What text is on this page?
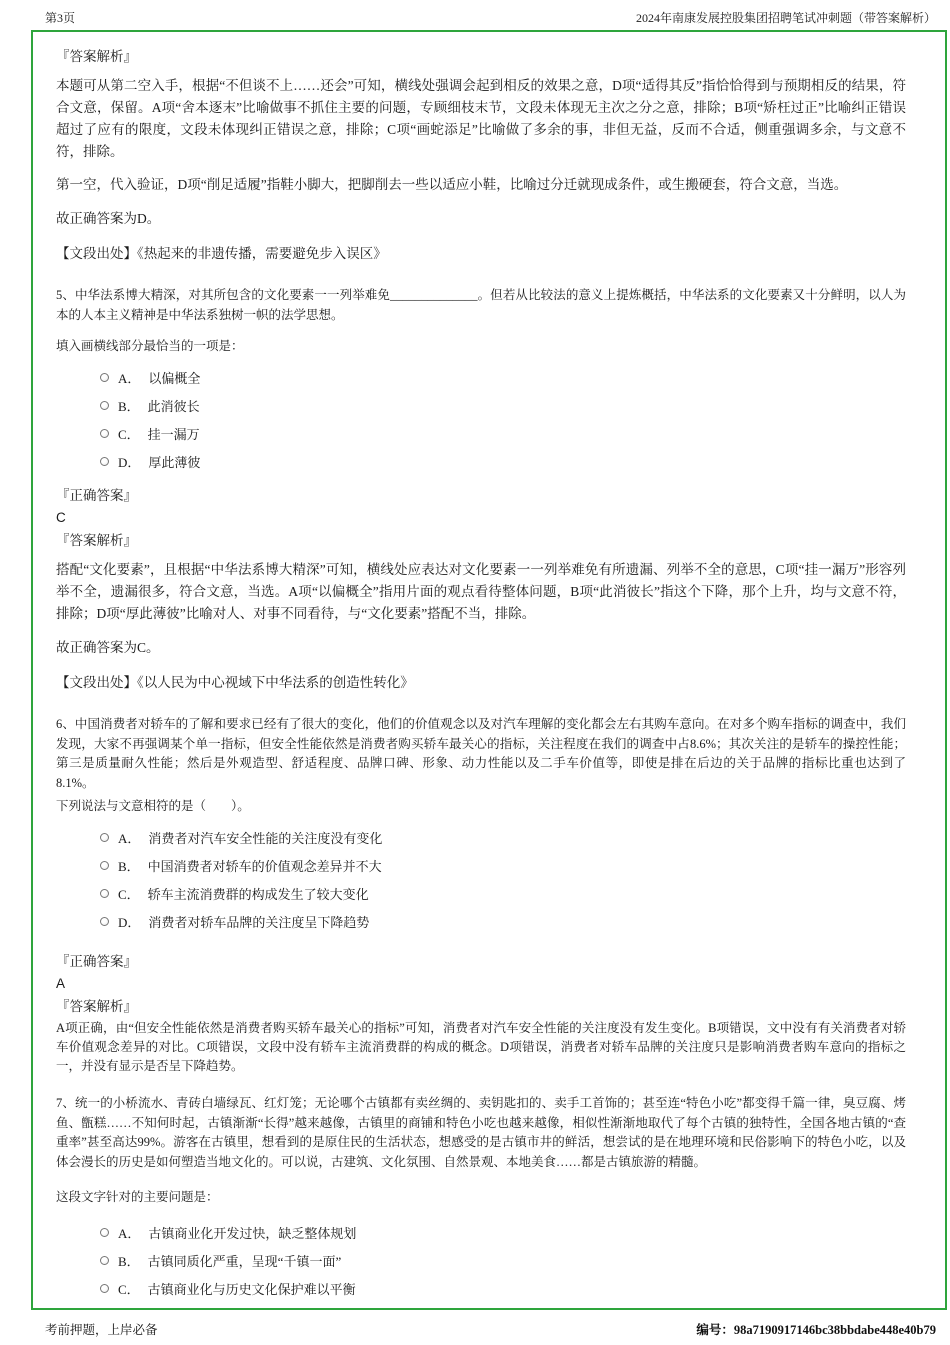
第3页	2024年南康发展控股集团招聘笔试冲刺题（带答案解析）
『答案解析』

本题可从第二空入手，根据“不但谈不上……还会”可知，横线处强调会起到相反的效果之意，D项“适得其反”指恰恰得到与预期相反的结果，符合文意，保留。A项“舍本逐末”比喻做事不抓住主要的问题，专顾细枝末节，文段未体现无主次之分之意，排除；B项“矫枉过正”比喻纠正错误超过了应有的限度，文段未体现纠正错误之意，排除；C项“画蛇添足”比喻做了多余的事，非但无益，反而不合适，侧重强调多余，与文意不符，排除。

第一空，代入验证，D项“削足适履”指鞋小脚大，把脚削去一些以适应小鞋，比喻过分迁就现成条件，或生搬硬套，符合文意，当选。

故正确答案为D。
【文段出处】《热起来的非遗传播，需要避免步入误区》

5、中华法系博大精深，对其所包含的文化要素一一列举难免______________。但若从比较法的意义上提炼概括，中华法系的文化要素又十分鲜明，以人为本的人本主义精神是中华法系独树一帜的法学思想。

填入画横线部分最恰当的一项是：
A． 以偏概全
B． 此消彼长
C． 挂一漏万
D． 厚此薄彼
『正确答案』
C
『答案解析』

搭配“文化要素”，且根据“中华法系博大精深”可知，横线处应表达对文化要素一一列举难免有所遗漏、列举不全的意思，C项“挂一漏万”形容列举不全，遗漏很多，符合文意，当选。A项“以偏概全”指用片面的观点看待整体问题，B项“此消彼长”指这个下降，那个上升，均与文意不符，排除；D项“厚此薄彼”比喻对人、对事不同看待，与“文化要素”搭配不当，排除。

故正确答案为C。
【文段出处】《以人民为中心视域下中华法系的创造性转化》

6、中国消费者对轿车的了解和要求已经有了很大的变化，他们的价值观念以及对汽车理解的变化都会左右其购车意向。在对多个购车指标的调查中，我们发现，大家不再强调某个单一指标，但安全性能依然是消费者购买轿车最关心的指标，关注程度在我们的调查中占8.6%；其次关注的是轿车的操控性能；第三是质量耐久性能；然后是外观造型、舒适程度、品牌口碑、形象、动力性能以及二手车价值等，即使是排在后边的关于品牌的指标比重也达到了8.1%。

下列说法与文意相符的是（　　）。
A． 消费者对汽车安全性能的关注度没有变化
B． 中国消费者对轿车的价值观念差异并不大
C． 轿车主流消费群的构成发生了较大变化
D． 消费者对轿车品牌的关注度呈下降趋势
『正确答案』
A
『答案解析』

A项正确，由“但安全性能依然是消费者购买轿车最关心的指标”可知，消费者对汽车安全性能的关注度没有发生变化。B项错误，文中没有有关消费者对轿车价值观念差异的对比。C项错误，文段中没有轿车主流消费群的构成的概念。D项错误，消费者对轿车品牌的关注度只是影响消费者购车意向的指标之一，并没有显示是否呈下降趋势。

7、统一的小桥流水、青砖白墙绿瓦、红灯笼；无论哪个古镇都有卖丝绸的、卖钥匙扣的、卖手工首饰的；甚至连“特色小吃”都变得千篇一律，臭豆腐、烤鱼、甑糕……不知何时起，古镇渐渐“长得”越来越像，古镇里的商铺和特色小吃也越来越像，相似性渐渐地取代了每个古镇的独特性，全国各地古镇的“查重率”甚至高达99%。游客在古镇里，想看到的是原住民的生活状态，想感受的是古镇市井的鲜活，想尝试的是在地理环境和民俗影响下的特色小吃，以及体会漫长的历史是如何塑造当地文化的。可以说，古建筑、文化氛围、自然景观、本地美食……都是古镇旅游的精髓。

这段文字针对的主要问题是：
A． 古镇商业化开发过快，缺乏整体规划
B． 古镇同质化严重，呈现“千镇一面”
C． 古镇商业化与历史文化保护难以平衡
考前押题，上岸必备	编号：98a7190917146bc38bbdabe448e40b79
